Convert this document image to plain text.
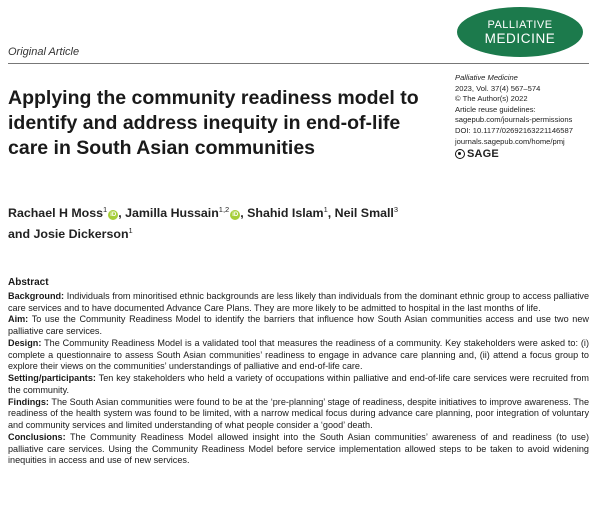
PALLIATIVE
MEDICINE
Original Article
Applying the community readiness model to identify and address inequity in end-of-life care in South Asian communities
Palliative Medicine
2023, Vol. 37(4) 567–574
© The Author(s) 2022
Article reuse guidelines:
sagepub.com/journals-permissions
DOI: 10.1177/02692163221146587
journals.sagepub.com/home/pmj
SAGE
Rachael H Moss$^1$iD , Jamilla Hussain$^{1,2}$iD , Shahid Islam$^1$, Neil Small$^3$
and Josie Dickerson$^1$
Abstract

Background: Individuals from minoritised ethnic backgrounds are less likely than individuals from the dominant ethnic group to access palliative care services and to have documented Advance Care Plans. They are more likely to be admitted to hospital in the last months of life.

Aim: To use the Community Readiness Model to identify the barriers that influence how South Asian communities access and use two new palliative care services.

Design: The Community Readiness Model is a validated tool that measures the readiness of a community. Key stakeholders were asked to: (i) complete a questionnaire to assess South Asian communities’ readiness to engage in advance care planning and, (ii) attend a focus group to explore their views on the communities’ understandings of palliative and end-of-life care.

Setting/participants: Ten key stakeholders who held a variety of occupations within palliative and end-of-life care services were recruited from the community.

Findings: The South Asian communities were found to be at the ‘pre-planning’ stage of readiness, despite initiatives to improve awareness. The readiness of the health system was found to be limited, with a narrow medical focus during advance care planning, poor integration of voluntary and community services and limited understanding of what people consider a ‘good’ death.

Conclusions: The Community Readiness Model allowed insight into the South Asian communities’ awareness of and readiness (to use) palliative care services. Using the Community Readiness Model before service implementation allowed steps to be taken to avoid widening inequities in access and use of new services.
